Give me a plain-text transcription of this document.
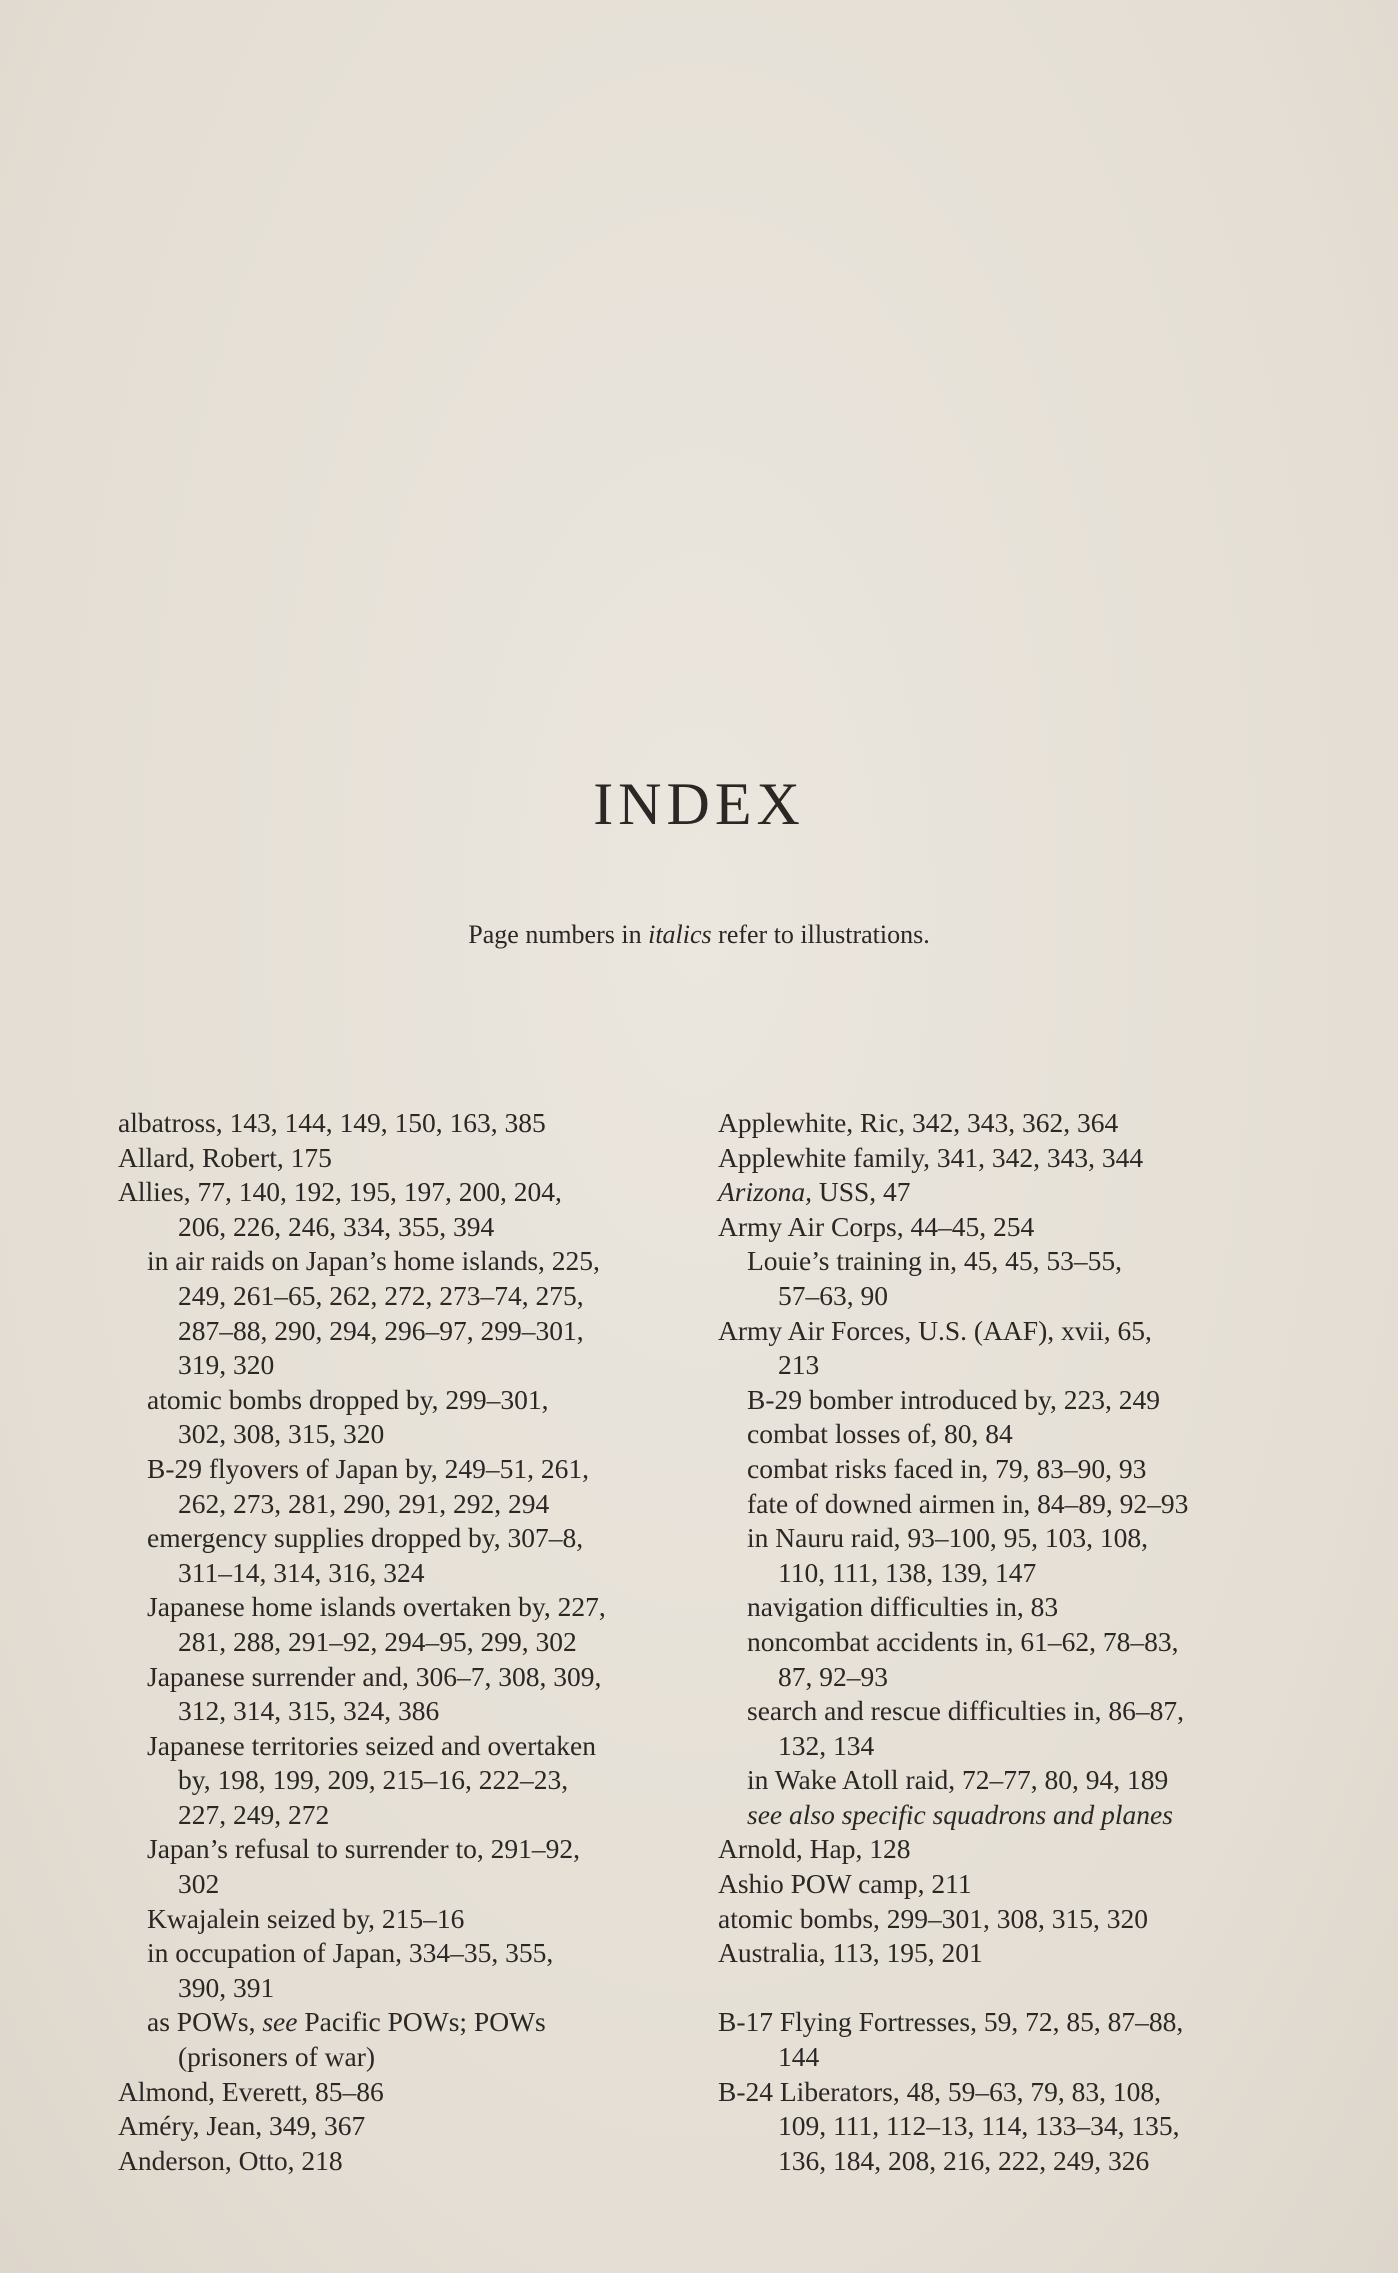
INDEX
Page numbers in italics refer to illustrations.
albatross, 143, 144, 149, 150, 163, 385
Allard, Robert, 175
Allies, 77, 140, 192, 195, 197, 200, 204,
206, 226, 246, 334, 355, 394
in air raids on Japan’s home islands, 225,
249, 261–65, 262, 272, 273–74, 275,
287–88, 290, 294, 296–97, 299–301,
319, 320
atomic bombs dropped by, 299–301,
302, 308, 315, 320
B-29 flyovers of Japan by, 249–51, 261,
262, 273, 281, 290, 291, 292, 294
emergency supplies dropped by, 307–8,
311–14, 314, 316, 324
Japanese home islands overtaken by, 227,
281, 288, 291–92, 294–95, 299, 302
Japanese surrender and, 306–7, 308, 309,
312, 314, 315, 324, 386
Japanese territories seized and overtaken
by, 198, 199, 209, 215–16, 222–23,
227, 249, 272
Japan’s refusal to surrender to, 291–92,
302
Kwajalein seized by, 215–16
in occupation of Japan, 334–35, 355,
390, 391
as POWs, see Pacific POWs; POWs
(prisoners of war)
Almond, Everett, 85–86
Améry, Jean, 349, 367
Anderson, Otto, 218
Applewhite, Ric, 342, 343, 362, 364
Applewhite family, 341, 342, 343, 344
Arizona, USS, 47
Army Air Corps, 44–45, 254
Louie’s training in, 45, 45, 53–55,
57–63, 90
Army Air Forces, U.S. (AAF), xvii, 65,
213
B-29 bomber introduced by, 223, 249
combat losses of, 80, 84
combat risks faced in, 79, 83–90, 93
fate of downed airmen in, 84–89, 92–93
in Nauru raid, 93–100, 95, 103, 108,
110, 111, 138, 139, 147
navigation difficulties in, 83
noncombat accidents in, 61–62, 78–83,
87, 92–93
search and rescue difficulties in, 86–87,
132, 134
in Wake Atoll raid, 72–77, 80, 94, 189
see also specific squadrons and planes
Arnold, Hap, 128
Ashio POW camp, 211
atomic bombs, 299–301, 308, 315, 320
Australia, 113, 195, 201

B-17 Flying Fortresses, 59, 72, 85, 87–88,
144
B-24 Liberators, 48, 59–63, 79, 83, 108,
109, 111, 112–13, 114, 133–34, 135,
136, 184, 208, 216, 222, 249, 326
